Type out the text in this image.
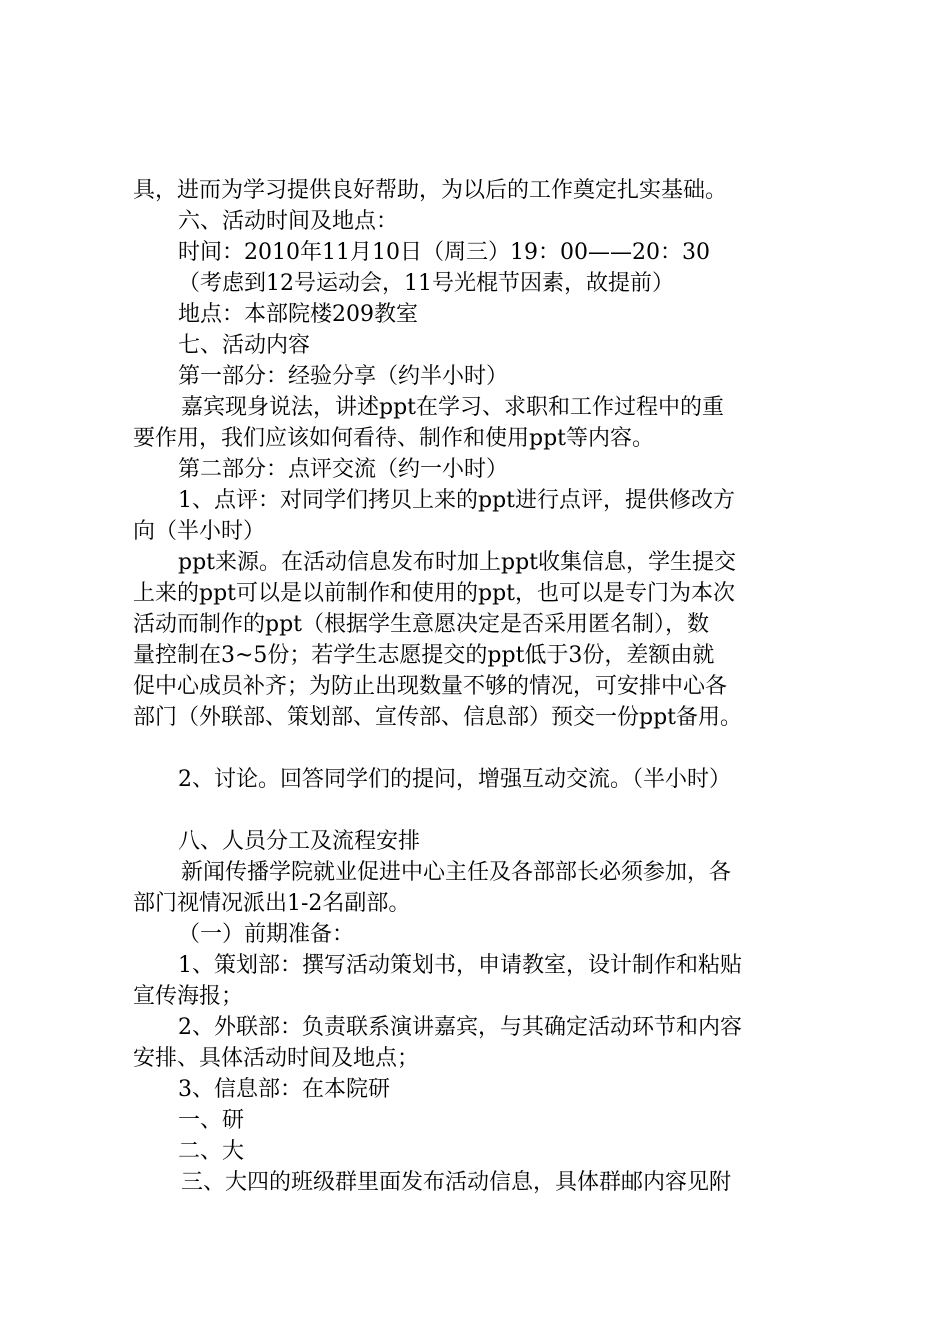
具，进而为学习提供良好帮助，为以后的工作奠定扎实基础。
六、活动时间及地点：
时间：2010年11月10日（周三）19：00——20：30
（考虑到12号运动会，11号光棍节因素，故提前）
地点：本部院楼209教室
七、活动内容
第一部分：经验分享（约半小时）
嘉宾现身说法，讲述ppt在学习、求职和工作过程中的重
要作用，我们应该如何看待、制作和使用ppt等内容。
第二部分：点评交流（约一小时）
1、点评：对同学们拷贝上来的ppt进行点评，提供修改方
向（半小时）
ppt来源。在活动信息发布时加上ppt收集信息，学生提交
上来的ppt可以是以前制作和使用的ppt，也可以是专门为本次
活动而制作的ppt（根据学生意愿决定是否采用匿名制），数
量控制在3~5份；若学生志愿提交的ppt低于3份，差额由就
促中心成员补齐；为防止出现数量不够的情况，可安排中心各
部门（外联部、策划部、宣传部、信息部）预交一份ppt备用。
2、讨论。回答同学们的提问，增强互动交流。（半小时）
八、人员分工及流程安排
新闻传播学院就业促进中心主任及各部部长必须参加，各
部门视情况派出1-2名副部。
（一）前期准备：
1、策划部：撰写活动策划书，申请教室，设计制作和粘贴
宣传海报；
2、外联部：负责联系演讲嘉宾，与其确定活动环节和内容
安排、具体活动时间及地点；
3、信息部：在本院研
一、研
二、大
三、大四的班级群里面发布活动信息，具体群邮内容见附
